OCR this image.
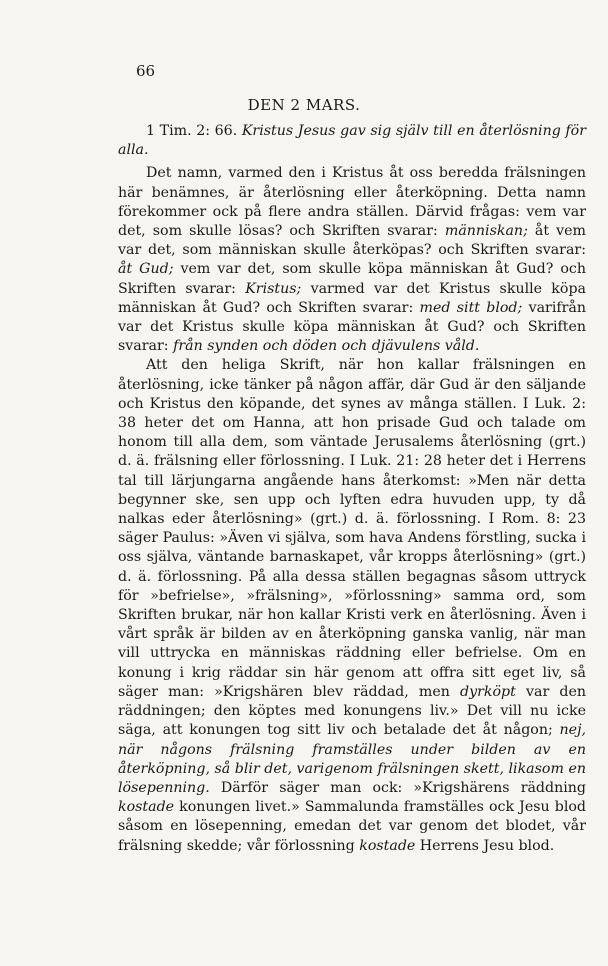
66
DEN 2 MARS.

1 Tim. 2: 66. Kristus Jesus gav sig själv till en återlösning för alla.

Det namn, varmed den i Kristus åt oss beredda frälsningen här benämnes, är återlösning eller återköpning. Detta namn förekommer ock på flere andra ställen. Därvid frågas: vem var det, som skulle lösas? och Skriften svarar: människan; åt vem var det, som människan skulle återköpas? och Skriften svarar: åt Gud; vem var det, som skulle köpa människan åt Gud? och Skriften svarar: Kristus; varmed var det Kristus skulle köpa människan åt Gud? och Skriften svarar: med sitt blod; varifrån var det Kristus skulle köpa människan åt Gud? och Skriften svarar: från synden och döden och djävulens våld.

Att den heliga Skrift, när hon kallar frälsningen en återlösning, icke tänker på någon affär, där Gud är den säljande och Kristus den köpande, det synes av många ställen. I Luk. 2: 38 heter det om Hanna, att hon prisade Gud och talade om honom till alla dem, som väntade Jerusalems återlösning (grt.) d. ä. frälsning eller förlossning. I Luk. 21: 28 heter det i Herrens tal till lärjungarna angående hans återkomst: »Men när detta begynner ske, sen upp och lyften edra huvuden upp, ty då nalkas eder återlösning» (grt.) d. ä. förlossning. I Rom. 8: 23 säger Paulus: »Även vi själva, som hava Andens förstling, sucka i oss själva, väntande barnaskapet, vår kropps återlösning» (grt.) d. ä. förlossning. På alla dessa ställen begagnas såsom uttryck för »befrielse», »frälsning», »förlossning» samma ord, som Skriften brukar, när hon kallar Kristi verk en återlösning. Även i vårt språk är bilden av en återköpning ganska vanlig, när man vill uttrycka en människas räddning eller befrielse. Om en konung i krig räddar sin här genom att offra sitt eget liv, så säger man: »Krigshären blev räddad, men dyrköpt var den räddningen; den köptes med konungens liv.» Det vill nu icke säga, att konungen tog sitt liv och betalade det åt någon; nej, när någons frälsning framställes under bilden av en återköpning, så blir det, varigenom frälsningen skett, likasom en lösepenning. Därför säger man ock: »Krigshärens räddning kostade konungen livet.» Sammalunda framställes ock Jesu blod såsom en lösepenning, emedan det var genom det blodet, vår frälsning skedde; vår förlossning kostade Herrens Jesu blod.
